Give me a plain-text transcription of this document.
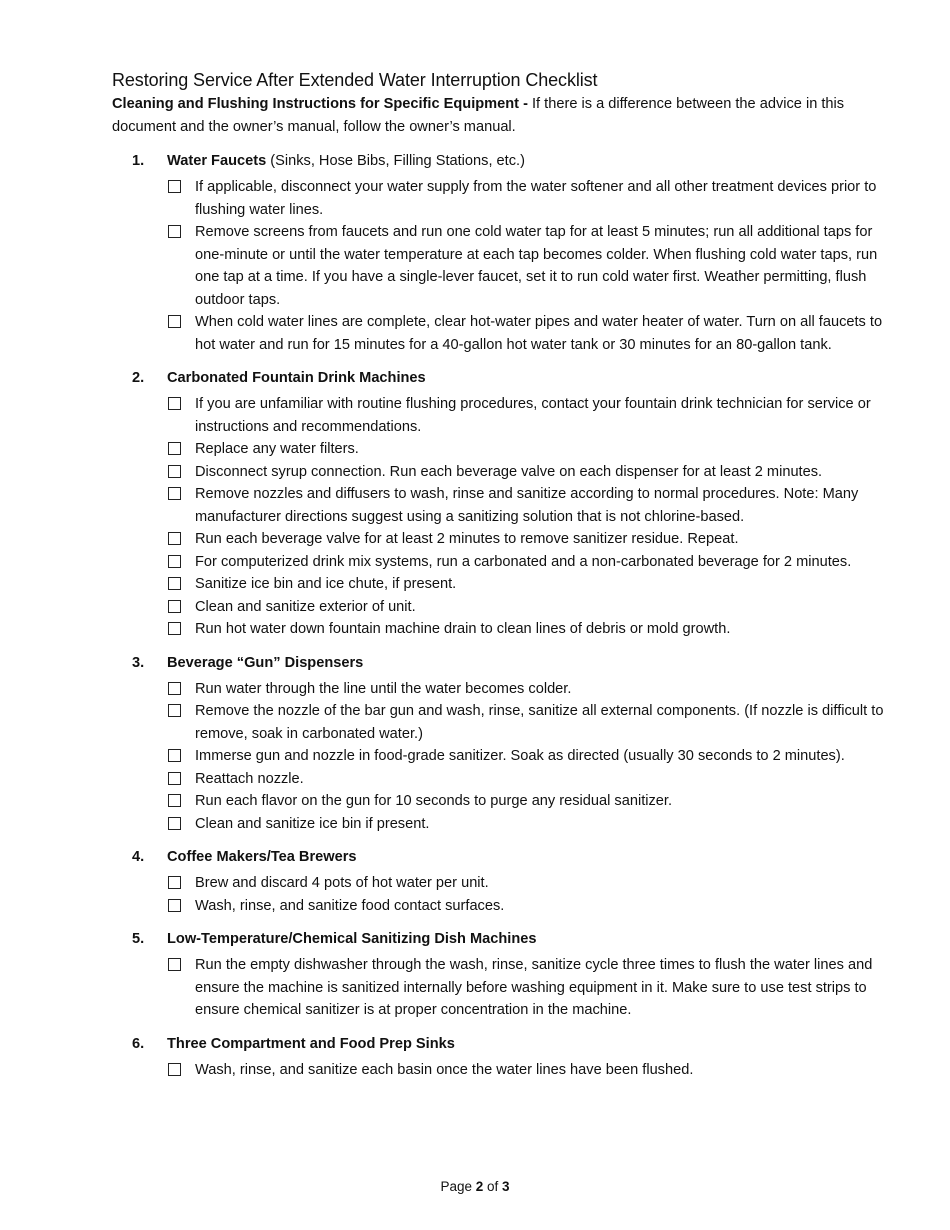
Restoring Service After Extended Water Interruption Checklist

Cleaning and Flushing Instructions for Specific Equipment - If there is a difference between the advice in this document and the owner’s manual, follow the owner’s manual.

1. Water Faucets (Sinks, Hose Bibs, Filling Stations, etc.)
If applicable, disconnect your water supply from the water softener and all other treatment devices prior to flushing water lines.
Remove screens from faucets and run one cold water tap for at least 5 minutes; run all additional taps for one-minute or until the water temperature at each tap becomes colder. When flushing cold water taps, run one tap at a time. If you have a single-lever faucet, set it to run cold water first. Weather permitting, flush outdoor taps.
When cold water lines are complete, clear hot-water pipes and water heater of water. Turn on all faucets to hot water and run for 15 minutes for a 40-gallon hot water tank or 30 minutes for an 80-gallon tank.
2. Carbonated Fountain Drink Machines
If you are unfamiliar with routine flushing procedures, contact your fountain drink technician for service or instructions and recommendations.
Replace any water filters.
Disconnect syrup connection. Run each beverage valve on each dispenser for at least 2 minutes.
Remove nozzles and diffusers to wash, rinse and sanitize according to normal procedures. Note: Many manufacturer directions suggest using a sanitizing solution that is not chlorine-based.
Run each beverage valve for at least 2 minutes to remove sanitizer residue. Repeat.
For computerized drink mix systems, run a carbonated and a non-carbonated beverage for 2 minutes.
Sanitize ice bin and ice chute, if present.
Clean and sanitize exterior of unit.
Run hot water down fountain machine drain to clean lines of debris or mold growth.
3. Beverage “Gun” Dispensers
Run water through the line until the water becomes colder.
Remove the nozzle of the bar gun and wash, rinse, sanitize all external components. (If nozzle is difficult to remove, soak in carbonated water.)
Immerse gun and nozzle in food-grade sanitizer. Soak as directed (usually 30 seconds to 2 minutes).
Reattach nozzle.
Run each flavor on the gun for 10 seconds to purge any residual sanitizer.
Clean and sanitize ice bin if present.
4. Coffee Makers/Tea Brewers
Brew and discard 4 pots of hot water per unit.
Wash, rinse, and sanitize food contact surfaces.
5. Low-Temperature/Chemical Sanitizing Dish Machines
Run the empty dishwasher through the wash, rinse, sanitize cycle three times to flush the water lines and ensure the machine is sanitized internally before washing equipment in it. Make sure to use test strips to ensure chemical sanitizer is at proper concentration in the machine.
6. Three Compartment and Food Prep Sinks
Wash, rinse, and sanitize each basin once the water lines have been flushed.
Page 2 of 3
